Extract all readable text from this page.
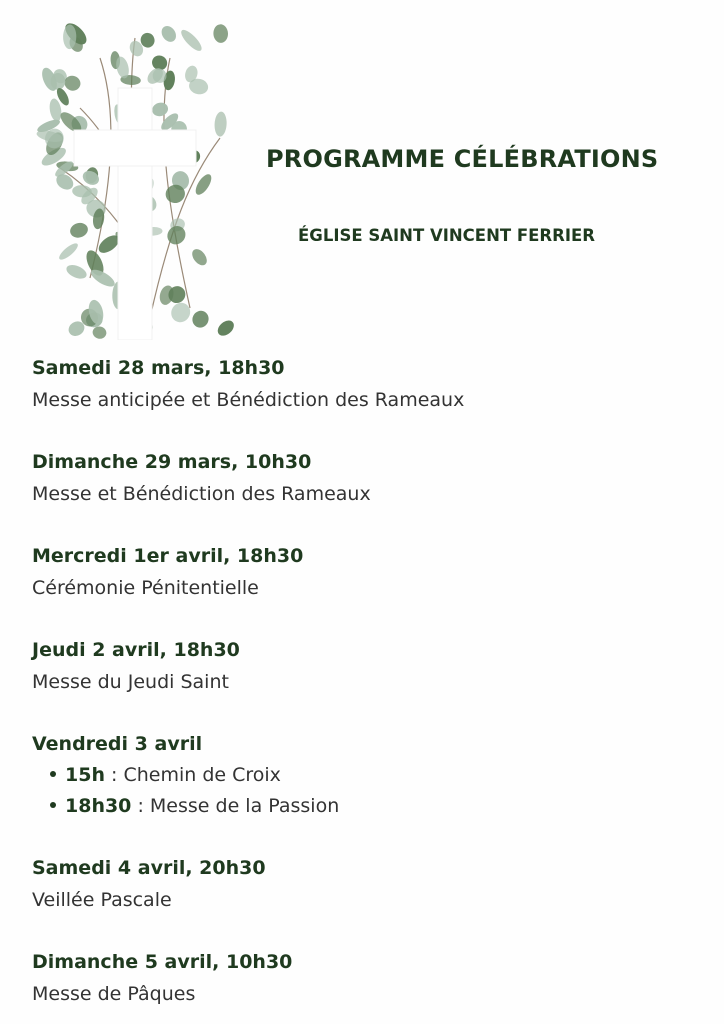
PROGRAMME CÉLÉBRATIONS
ÉGLISE SAINT VINCENT FERRIER
Samedi 28 mars, 18h30
Messe anticipée et Bénédiction des Rameaux
Dimanche 29 mars, 10h30
Messe et Bénédiction des Rameaux
Mercredi 1er avril, 18h30
Cérémonie Pénitentielle
Jeudi 2 avril, 18h30
Messe du Jeudi Saint
Vendredi 3 avril
15h : Chemin de Croix
18h30 : Messe de la Passion
Samedi 4 avril, 20h30
Veillée Pascale
Dimanche 5 avril, 10h30
Messe de Pâques
